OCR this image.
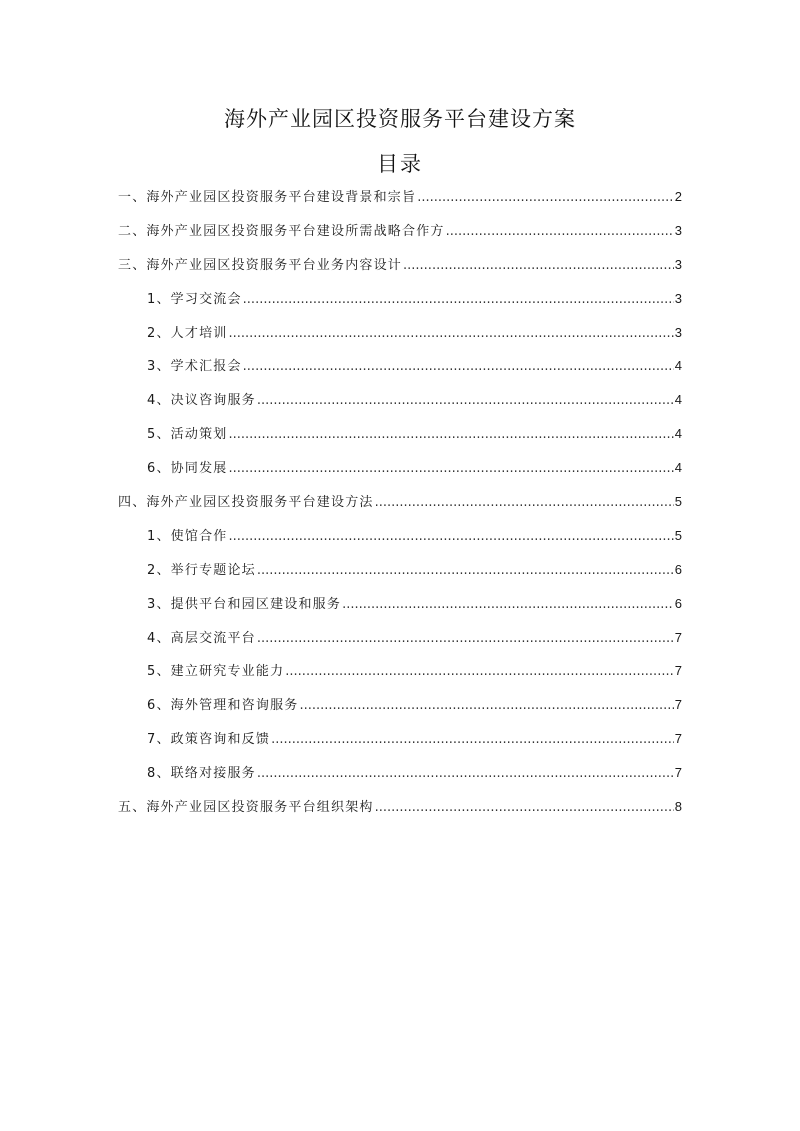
海外产业园区投资服务平台建设方案
目录
一、海外产业园区投资服务平台建设背景和宗旨 .....	2
二、海外产业园区投资服务平台建设所需战略合作方 .....	3
三、海外产业园区投资服务平台业务内容设计 .....	3
1、学习交流会 .....	3
2、人才培训 .....	3
3、学术汇报会 .....	4
4、决议咨询服务 .....	4
5、活动策划 .....	4
6、协同发展 .....	4
四、海外产业园区投资服务平台建设方法 .....	5
1、使馆合作 .....	5
2、举行专题论坛 .....	6
3、提供平台和园区建设和服务 .....	6
4、高层交流平台 .....	7
5、建立研究专业能力 .....	7
6、海外管理和咨询服务 .....	7
7、政策咨询和反馈 .....	7
8、联络对接服务 .....	7
五、海外产业园区投资服务平台组织架构 .....	8
